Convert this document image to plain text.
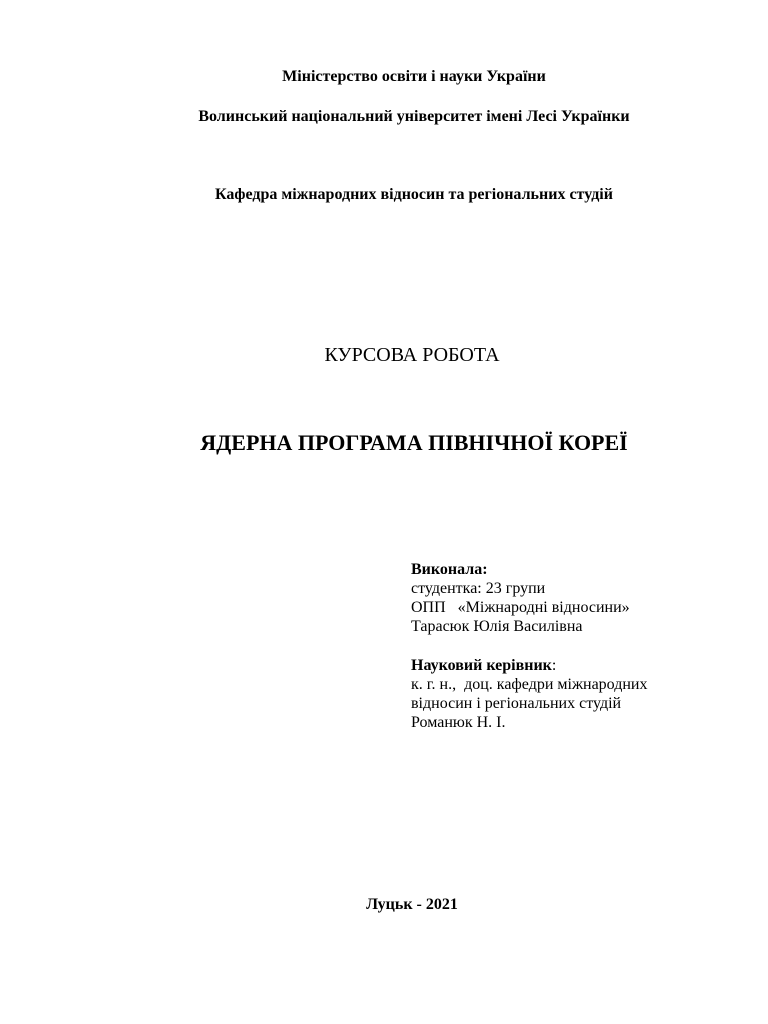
Міністерство освіти і науки України
Волинський національний університет імені Лесі Українки
Кафедра міжнародних відносин та регіональних студій
КУРСОВА РОБОТА
ЯДЕРНА ПРОГРАМА ПІВНІЧНОЇ КОРЕЇ
Виконала:
студентка: 23 групи
ОПП   «Міжнародні відносини»
Тарасюк Юлія Василівна
Науковий керівник:
к. г. н.,  доц. кафедри міжнародних
відносин і регіональних студій
Романюк Н. І.
Луцьк - 2021
